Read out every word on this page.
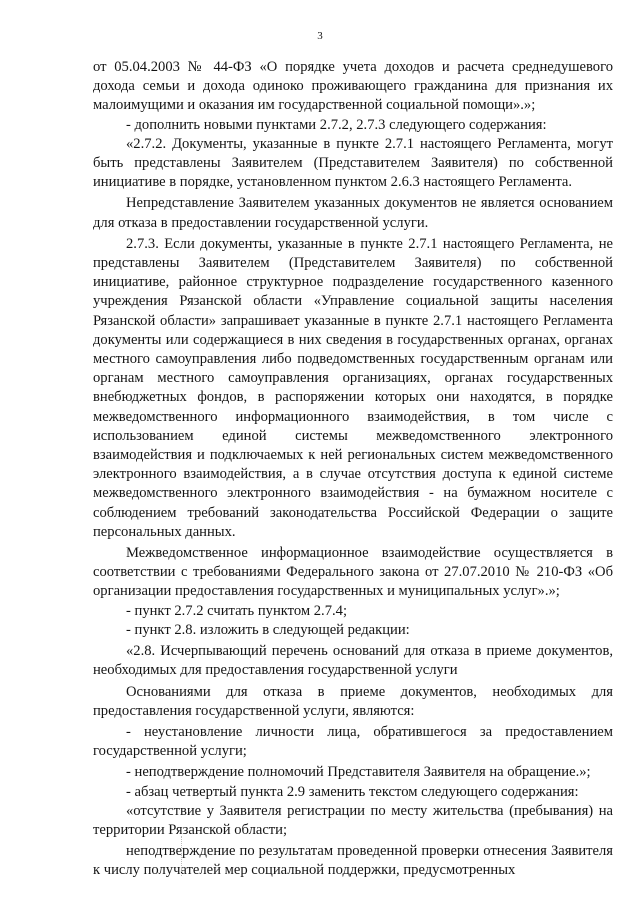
3

от 05.04.2003 № 44-ФЗ «О порядке учета доходов и расчета среднедушевого дохода семьи и дохода одиноко проживающего гражданина для признания их малоимущими и оказания им государственной социальной помощи».»;

- дополнить новыми пунктами 2.7.2, 2.7.3 следующего содержания:

«2.7.2. Документы, указанные в пункте 2.7.1 настоящего Регламента, могут быть представлены Заявителем (Представителем Заявителя) по собственной инициативе в порядке, установленном пунктом 2.6.3 настоящего Регламента.

Непредставление Заявителем указанных документов не является основанием для отказа в предоставлении государственной услуги.

2.7.3. Если документы, указанные в пункте 2.7.1 настоящего Регламента, не представлены Заявителем (Представителем Заявителя) по собственной инициативе, районное структурное подразделение государственного казенного учреждения Рязанской области «Управление социальной защиты населения Рязанской области» запрашивает указанные в пункте 2.7.1 настоящего Регламента документы или содержащиеся в них сведения в государственных органах, органах местного самоуправления либо подведомственных государственным органам или органам местного самоуправления организациях, органах государственных внебюджетных фондов, в распоряжении которых они находятся, в порядке межведомственного информационного взаимодействия, в том числе с использованием единой системы межведомственного электронного взаимодействия и подключаемых к ней региональных систем межведомственного электронного взаимодействия, а в случае отсутствия доступа к единой системе межведомственного электронного взаимодействия - на бумажном носителе с соблюдением требований законодательства Российской Федерации о защите персональных данных.

Межведомственное информационное взаимодействие осуществляется в соответствии с требованиями Федерального закона от 27.07.2010 № 210-ФЗ «Об организации предоставления государственных и муниципальных услуг».»;

- пункт 2.7.2 считать пунктом 2.7.4;

- пункт 2.8. изложить в следующей редакции:

«2.8. Исчерпывающий перечень оснований для отказа в приеме документов, необходимых для предоставления государственной услуги

Основаниями для отказа в приеме документов, необходимых для предоставления государственной услуги, являются:

- неустановление личности лица, обратившегося за предоставлением государственной услуги;

- неподтверждение полномочий Представителя Заявителя на обращение.»;

- абзац четвертый пункта 2.9 заменить текстом следующего содержания:

«отсутствие у Заявителя регистрации по месту жительства (пребывания) на территории Рязанской области;

неподтверждение по результатам проведенной проверки отнесения Заявителя к числу получателей мер социальной поддержки, предусмотренных
